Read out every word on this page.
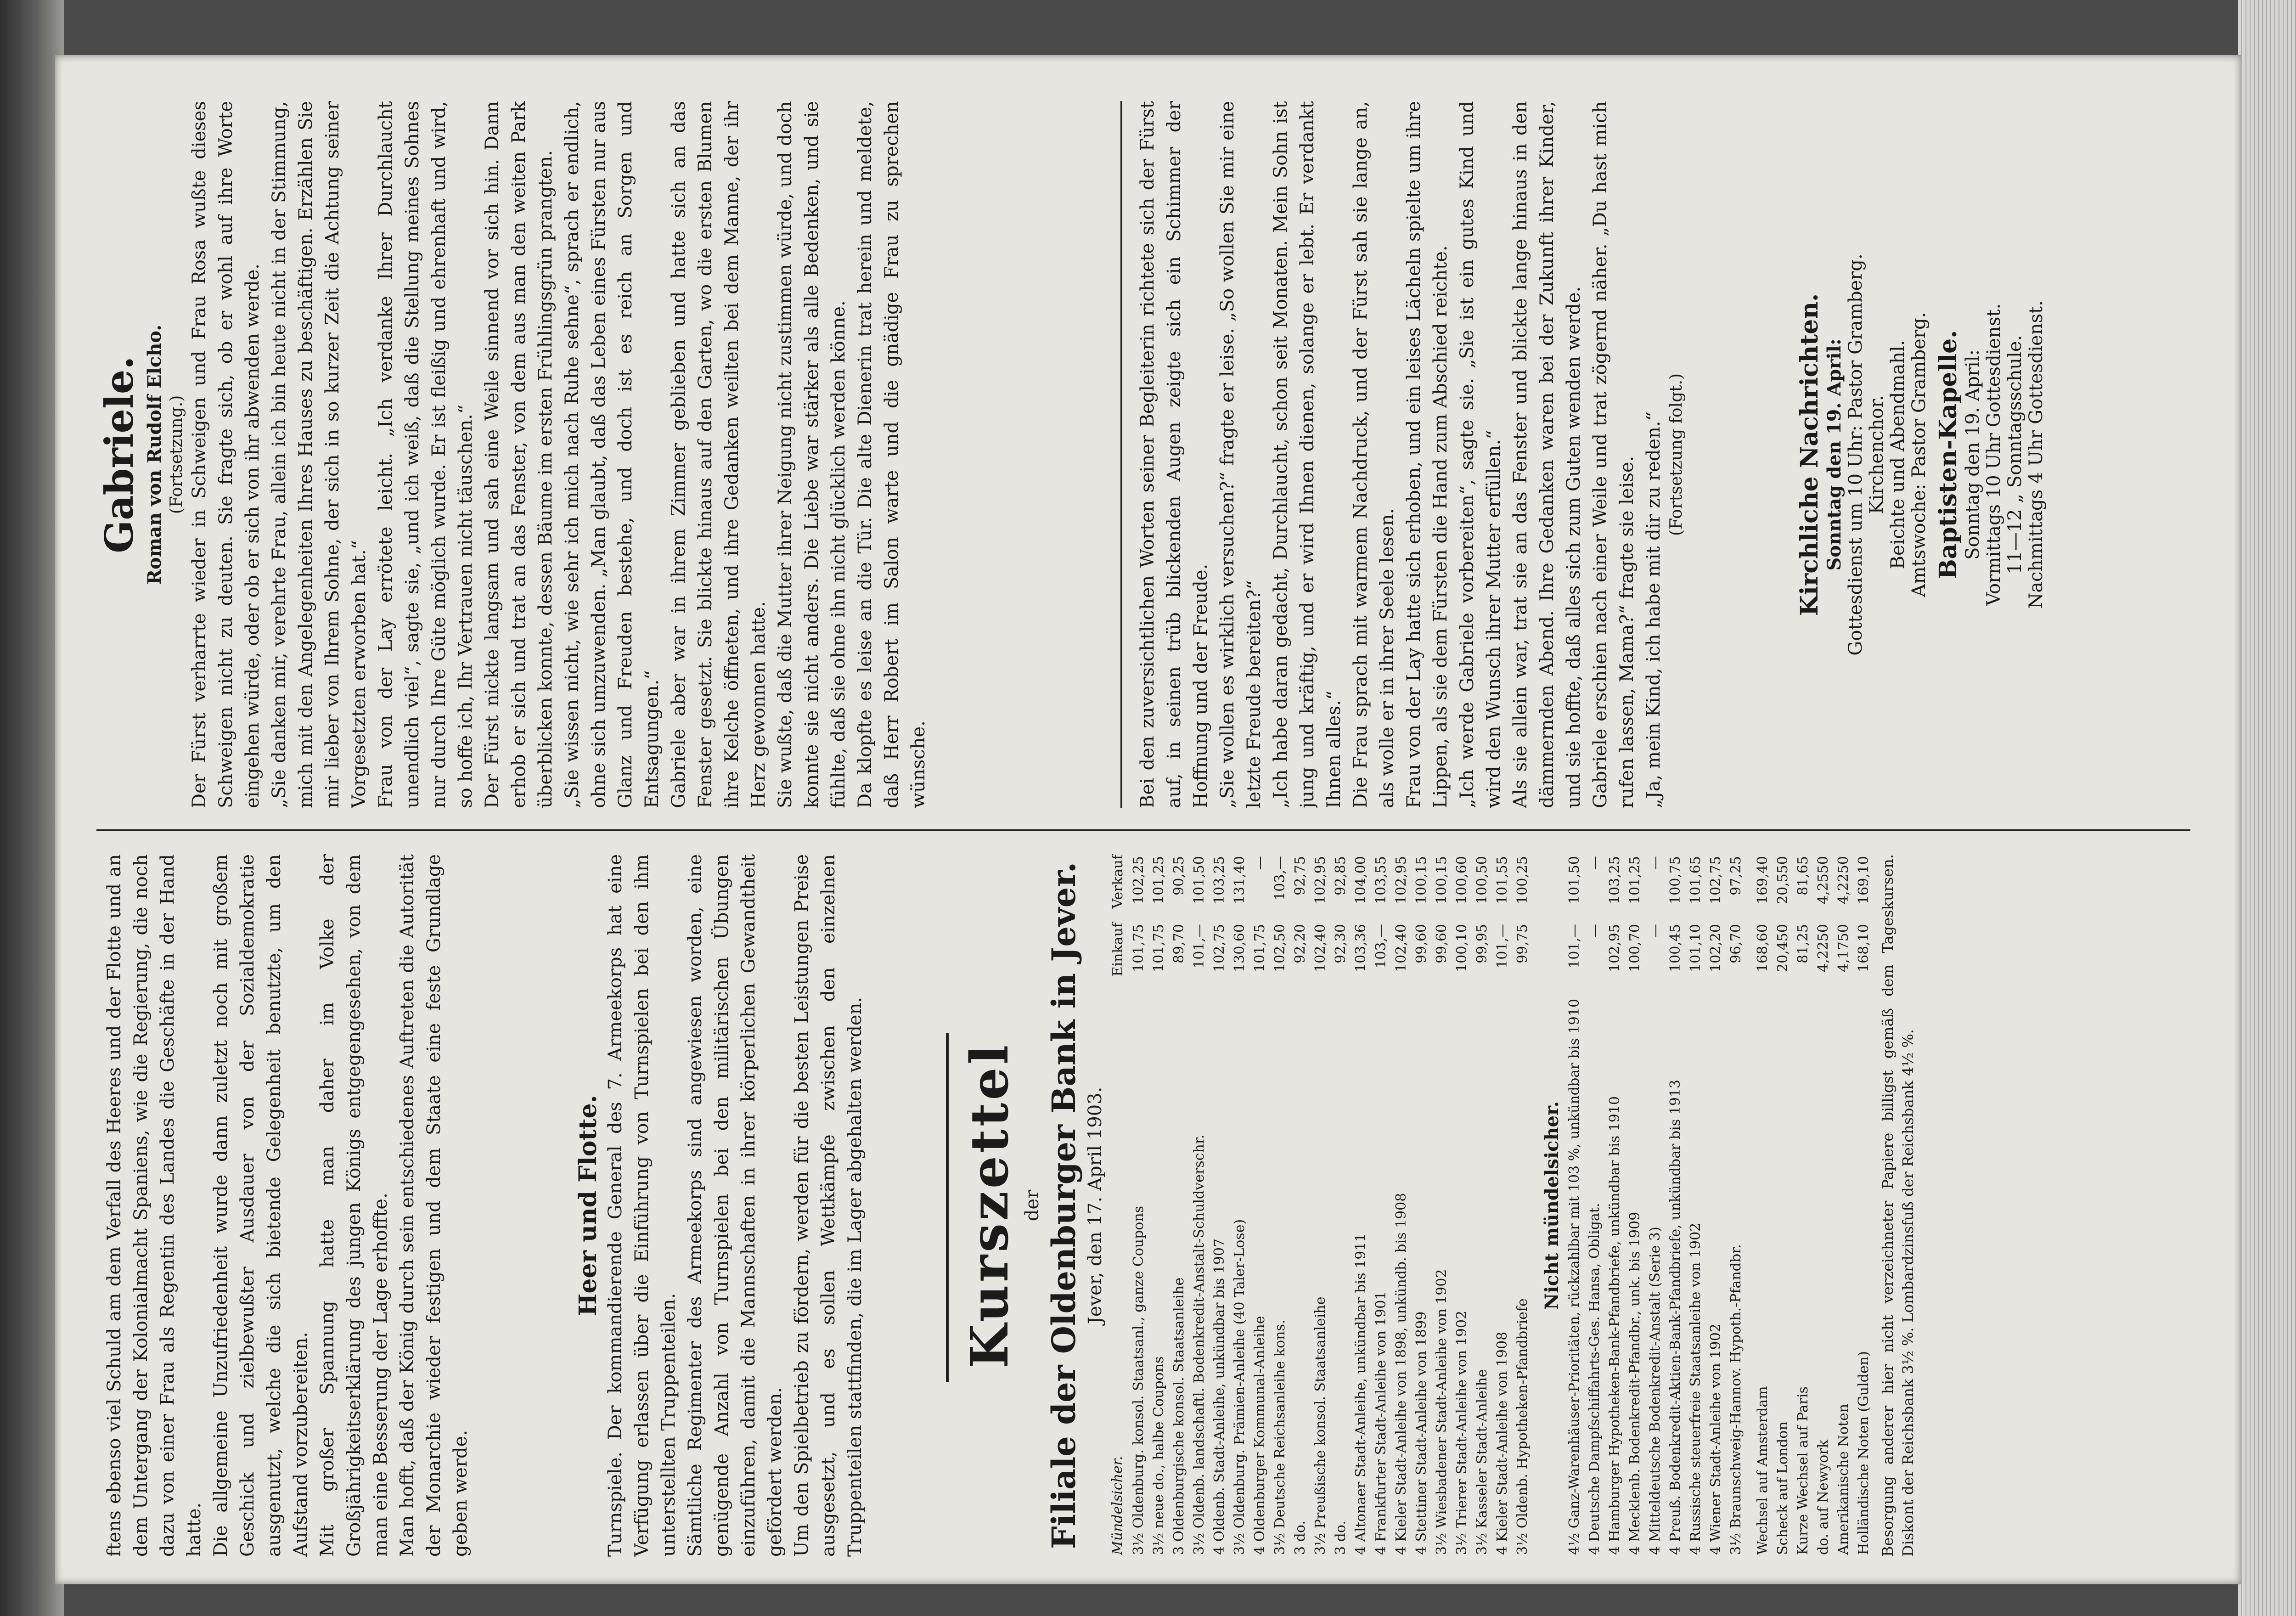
ftens ebenso viel Schuld am dem Verfall des Heeres und der Flotte und an dem Untergang der Kolonialmacht Spaniens, wie die Regierung, die noch dazu von einer Frau als Regentin des Landes die Geschäfte in der Hand hatte. Die allgemeine Unzufriedenheit wurde dann zuletzt noch mit großem Geschick und zielbewußter Ausdauer von der Sozialdemokratie ausgenutzt, welche die sich bietende Gelegenheit benutzte, um den Aufstand vorzubereiten. Mit großer Spannung hatte man daher im Volke der Großjährigkeitserklärung des jungen Königs entgegengesehen, von dem man eine Besserung der Lage erhoffte. Man hofft, daß der König durch sein entschiedenes Auftreten die Autorität der Monarchie wieder festigen und dem Staate eine feste Grundlage geben werde.

Heer und Flotte. Turnspiele. Der kommandierende General des 7. Armeekorps hat eine Verfügung erlassen über die Einführung von Turnspielen bei den ihm unterstellten Truppenteilen. Sämtliche Regimenter des Armeekorps sind angewiesen worden, eine genügende Anzahl von Turnspielen bei den militärischen Übungen einzuführen, damit die Mannschaften in ihrer körperlichen Gewandtheit gefördert werden. Um den Spielbetrieb zu fördern, werden für die besten Leistungen Preise ausgesetzt, und es sollen Wettkämpfe zwischen den einzelnen Truppenteilen stattfinden, die im Lager abgehalten werden. Kurszettel der Filiale der Oldenburger Bank in Jever. Jever, den 17. April 1903.

Mündelsicher.	Einkauf	Verkauf
3½ Oldenburg. konsol. Staatsanl., ganze Coupons	101,75	102,25
3½ neue do., halbe Coupons	101,75	101,25
3 Oldenburgische konsol. Staatsanleihe	89,70	90,25
3½ Oldenb. landschaftl. Bodenkredit-Anstalt-Schuldverschr.	101,—	101,50
4 Oldenb. Stadt-Anleihe, unkündbar bis 1907	102,75	103,25
3½ Oldenburg. Prämien-Anleihe (40 Taler-Lose)	130,60	131,40
4 Oldenburger Kommunal-Anleihe	101,75	—
3½ Deutsche Reichsanleihe kons.	102,50	103,—
3 do.	92,20	92,75
3½ Preußische konsol. Staatsanleihe	102,40	102,95
3 do.	92,30	92,85
4 Altonaer Stadt-Anleihe, unkündbar bis 1911	103,36	104,00
4 Frankfurter Stadt-Anleihe von 1901	103,—	103,55
4 Kieler Stadt-Anleihe von 1898, unkündb. bis 1908	102,40	102,95
4 Stettiner Stadt-Anleihe von 1899	99,60	100,15
3½ Wiesbadener Stadt-Anleihe von 1902	99,60	100,15
3½ Trierer Stadt-Anleihe von 1902	100,10	100,60
3½ Kasseler Stadt-Anleihe	99,95	100,50
4 Kieler Stadt-Anleihe von 1908	101,—	101,55
3½ Oldenb. Hypotheken-Pfandbriefe	99,75	100,25

Nicht mündelsicher. 4½ Ganz-Warenhäuser-Prioritäten, rückzahlbar mit 103 %, unkündbar bis 1910	101,—	101,50
4 Deutsche Dampfschiffahrts-Ges. Hansa, Obligat.	—	—
4 Hamburger Hypotheken-Bank-Pfandbriefe, unkündbar bis 1910	102,95	103,25
4 Mecklenb. Bodenkredit-Pfandbr., unk. bis 1909	100,70	101,25
4 Mitteldeutsche Bodenkredit-Anstalt (Serie 3)	—	—
4 Preuß. Bodenkredit-Aktien-Bank-Pfandbriefe, unkündbar bis 1913	100,45	100,75
4 Russische steuerfreie Staatsanleihe von 1902	101,10	101,65
4 Wiener Stadt-Anleihe von 1902	102,20	102,75
3½ Braunschweig-Hannov. Hypoth.-Pfandbr.	96,70	97,25
Wechsel auf Amsterdam	168,60	169,40
Scheck auf London	20,450	20,550
Kurze Wechsel auf Paris	81,25	81,65
do. auf Newyork	4,2250	4,2550
Amerikanische Noten	4,1750	4,2250
Holländische Noten (Gulden)	168,10	169,10 Besorgung anderer hier nicht verzeichneter Papiere billigst gemäß dem Tageskursen. Diskont der Reichsbank 3½ %. Lombardzinsfuß der Reichsbank 4½ %.

Gabriele. Roman von Rudolf Elcho. (Fortsetzung.) Der Fürst verharrte wieder in Schweigen und Frau Rosa wußte dieses Schweigen nicht zu deuten. Sie fragte sich, ob er wohl auf ihre Worte eingehen würde, oder ob er sich von ihr abwenden werde. „Sie danken mir, verehrte Frau, allein ich bin heute nicht in der Stimmung, mich mit den Angelegenheiten Ihres Hauses zu beschäftigen. Erzählen Sie mir lieber von Ihrem Sohne, der sich in so kurzer Zeit die Achtung seiner Vorgesetzten erworben hat.“ Frau von der Lay errötete leicht. „Ich verdanke Ihrer Durchlaucht unendlich viel“, sagte sie, „und ich weiß, daß die Stellung meines Sohnes nur durch Ihre Güte möglich wurde. Er ist fleißig und ehrenhaft und wird, so hoffe ich, Ihr Vertrauen nicht täuschen.“ Der Fürst nickte langsam und sah eine Weile sinnend vor sich hin. Dann erhob er sich und trat an das Fenster, von dem aus man den weiten Park überblicken konnte, dessen Bäume im ersten Frühlingsgrün prangten. „Sie wissen nicht, wie sehr ich mich nach Ruhe sehne“, sprach er endlich, ohne sich umzuwenden. „Man glaubt, daß das Leben eines Fürsten nur aus Glanz und Freuden bestehe, und doch ist es reich an Sorgen und Entsagungen.“ Gabriele aber war in ihrem Zimmer geblieben und hatte sich an das Fenster gesetzt. Sie blickte hinaus auf den Garten, wo die ersten Blumen ihre Kelche öffneten, und ihre Gedanken weilten bei dem Manne, der ihr Herz gewonnen hatte. Sie wußte, daß die Mutter ihrer Neigung nicht zustimmen würde, und doch konnte sie nicht anders. Die Liebe war stärker als alle Bedenken, und sie fühlte, daß sie ohne ihn nicht glücklich werden könne. Da klopfte es leise an die Tür. Die alte Dienerin trat herein und meldete, daß Herr Robert im Salon warte und die gnädige Frau zu sprechen wünsche.	Bei den zuversichtlichen Worten seiner Begleiterin richtete sich der Fürst auf, in seinen trüb blickenden Augen zeigte sich ein Schimmer der Hoffnung und der Freude. „Sie wollen es wirklich versuchen?“ fragte er leise. „So wollen Sie mir eine letzte Freude bereiten?“ „Ich habe daran gedacht, Durchlaucht, schon seit Monaten. Mein Sohn ist jung und kräftig, und er wird Ihnen dienen, solange er lebt. Er verdankt Ihnen alles.“ Die Frau sprach mit warmem Nachdruck, und der Fürst sah sie lange an, als wolle er in ihrer Seele lesen. Frau von der Lay hatte sich erhoben, und ein leises Lächeln spielte um ihre Lippen, als sie dem Fürsten die Hand zum Abschied reichte. „Ich werde Gabriele vorbereiten“, sagte sie. „Sie ist ein gutes Kind und wird den Wunsch ihrer Mutter erfüllen.“ Als sie allein war, trat sie an das Fenster und blickte lange hinaus in den dämmernden Abend. Ihre Gedanken waren bei der Zukunft ihrer Kinder, und sie hoffte, daß alles sich zum Guten wenden werde. Gabriele erschien nach einer Weile und trat zögernd näher. „Du hast mich rufen lassen, Mama?“ fragte sie leise. „Ja, mein Kind, ich habe mit dir zu reden.“ (Fortsetzung folgt.)	Kirchliche Nachrichten. Sonntag den 19. April: Gottesdienst um 10 Uhr: Pastor Gramberg. Kirchenchor. Beichte und Abendmahl. Amtswoche: Pastor Gramberg. Baptisten-Kapelle. Sonntag den 19. April: Vormittags 10 Uhr Gottesdienst. 11—12 „ Sonntagsschule. Nachmittags 4 Uhr Gottesdienst.
